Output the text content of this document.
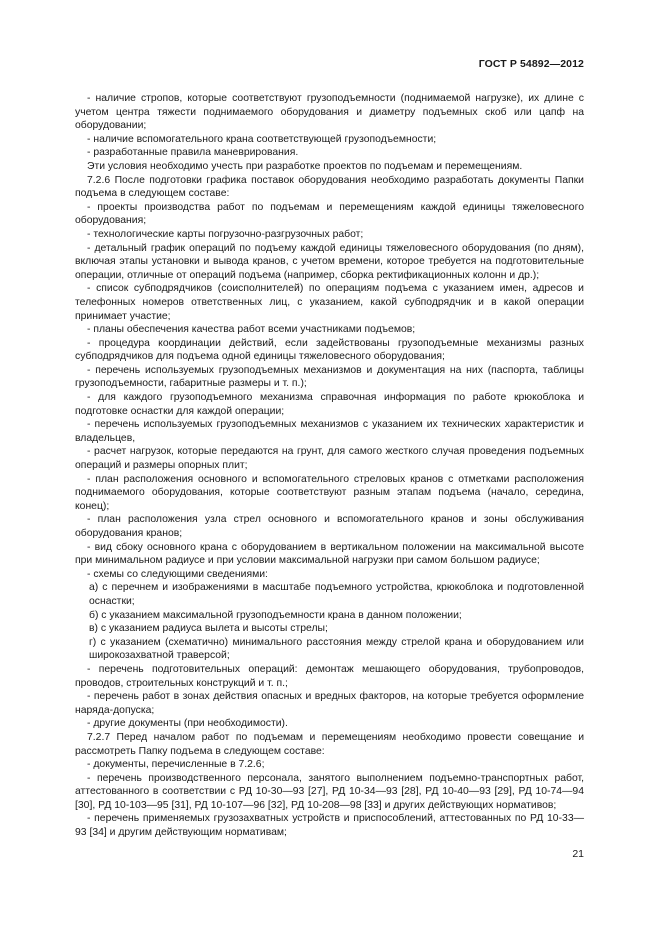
ГОСТ Р 54892—2012

- наличие стропов, которые соответствуют грузоподъемности (поднимаемой нагрузке), их длине с учетом центра тяжести поднимаемого оборудования и диаметру подъемных скоб или цапф на оборудовании;

- наличие вспомогательного крана соответствующей грузоподъемности;

- разработанные правила маневрирования.

Эти условия необходимо учесть при разработке проектов по подъемам и перемещениям.

7.2.6 После подготовки графика поставок оборудования необходимо разработать документы Папки подъема в следующем составе:

- проекты производства работ по подъемам и перемещениям каждой единицы тяжеловесного оборудования;

- технологические карты погрузочно-разгрузочных работ;

- детальный график операций по подъему каждой единицы тяжеловесного оборудования (по дням), включая этапы установки и вывода кранов, с учетом времени, которое требуется на подготовительные операции, отличные от операций подъема (например, сборка ректификационных колонн и др.);

- список субподрядчиков (соисполнителей) по операциям подъема с указанием имен, адресов и телефонных номеров ответственных лиц, с указанием, какой субподрядчик и в какой операции принимает участие;

- планы обеспечения качества работ всеми участниками подъемов;

- процедура координации действий, если задействованы грузоподъемные механизмы разных субподрядчиков для подъема одной единицы тяжеловесного оборудования;

- перечень используемых грузоподъемных механизмов и документация на них (паспорта, таблицы грузоподъемности, габаритные размеры и т. п.);

- для каждого грузоподъемного механизма справочная информация по работе крюкоблока и подготовке оснастки для каждой операции;

- перечень используемых грузоподъемных механизмов с указанием их технических характеристик и владельцев,

- расчет нагрузок, которые передаются на грунт, для самого жесткого случая проведения подъемных операций и размеры опорных плит;

- план расположения основного и вспомогательного стреловых кранов с отметками расположения поднимаемого оборудования, которые соответствуют разным этапам подъема (начало, середина, конец);

- план расположения узла стрел основного и вспомогательного кранов и зоны обслуживания оборудования кранов;

- вид сбоку основного крана с оборудованием в вертикальном положении на максимальной высоте при минимальном радиусе и при условии максимальной нагрузки при самом большом радиусе;

- схемы со следующими сведениями:

а) с перечнем и изображениями в масштабе подъемного устройства, крюкоблока и подготовленной оснастки;

б) с указанием максимальной грузоподъемности крана в данном положении;

в) с указанием радиуса вылета и высоты стрелы;

г) с указанием (схематично) минимального расстояния между стрелой крана и оборудованием или широкозахватной траверсой;

- перечень подготовительных операций: демонтаж мешающего оборудования, трубопроводов, проводов, строительных конструкций и т. п.;

- перечень работ в зонах действия опасных и вредных факторов, на которые требуется оформление наряда-допуска;

- другие документы (при необходимости).

7.2.7 Перед началом работ по подъемам и перемещениям необходимо провести совещание и рассмотреть Папку подъема в следующем составе:

- документы, перечисленные в 7.2.6;

- перечень производственного персонала, занятого выполнением подъемно-транспортных работ, аттестованного в соответствии с РД 10-30—93 [27], РД 10-34—93 [28], РД 10-40—93 [29], РД 10-74—94 [30], РД 10-103—95 [31], РД 10-107—96 [32], РД 10-208—98 [33] и других действующих нормативов;

- перечень применяемых грузозахватных устройств и приспособлений, аттестованных по РД 10-33—93 [34] и другим действующим нормативам;

21
